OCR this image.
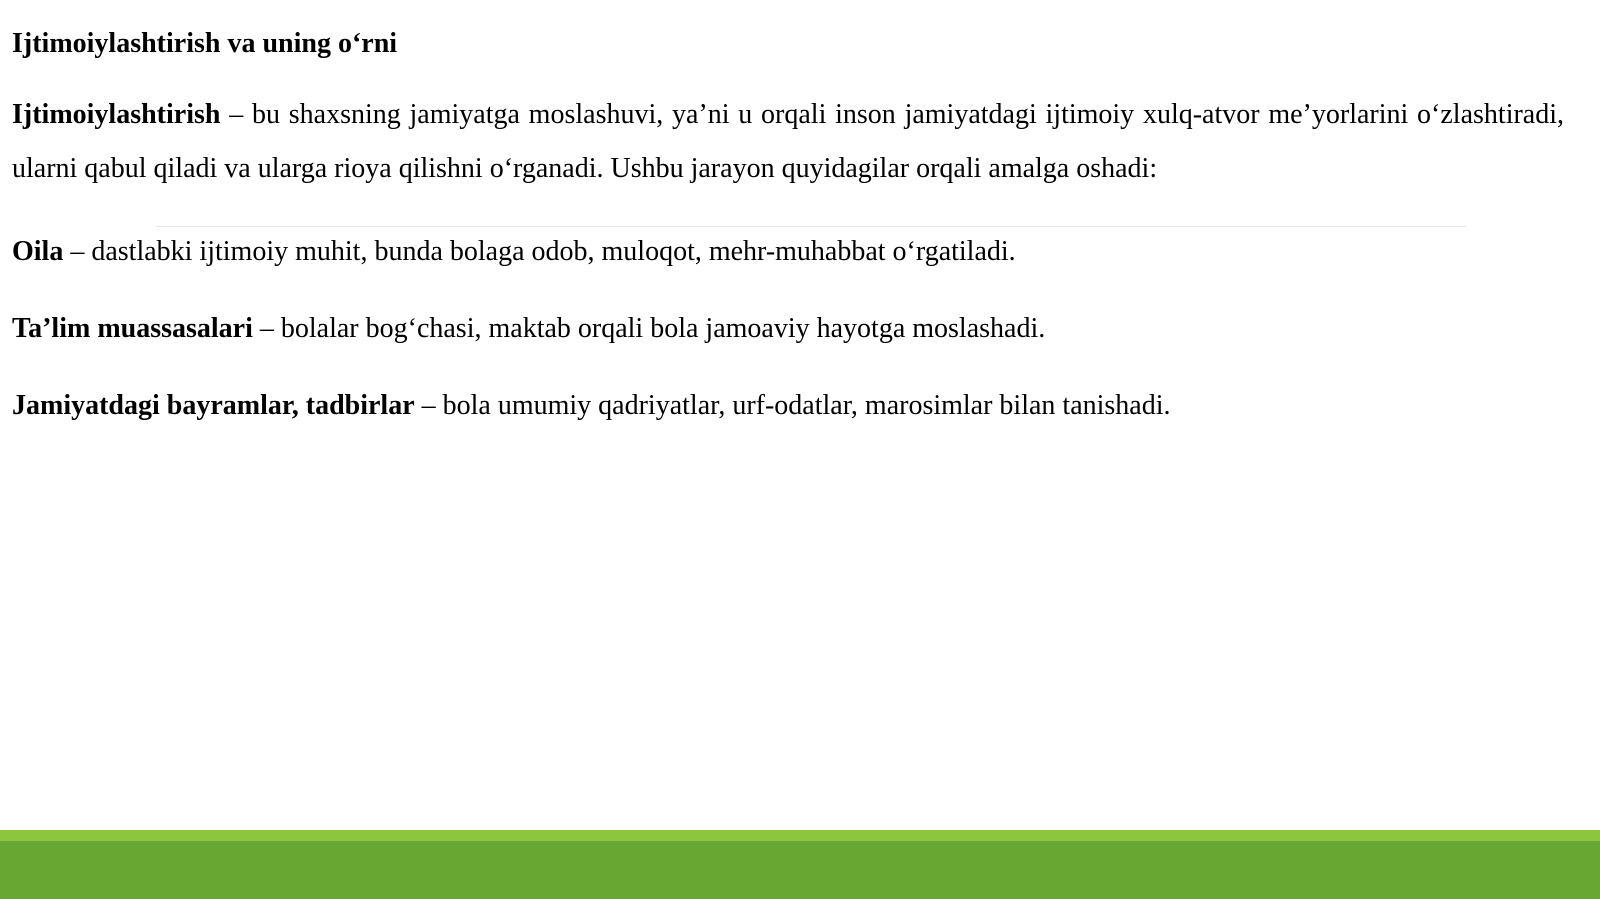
Ijtimoiylashtirish va uning o‘rni

Ijtimoiylashtirish – bu shaxsning jamiyatga moslashuvi, ya’ni u orqali inson jamiyatdagi ijtimoiy xulq-atvor me’yorlarini o‘zlashtiradi, ularni qabul qiladi va ularga rioya qilishni o‘rganadi. Ushbu jarayon quyidagilar orqali amalga oshadi:

Oila – dastlabki ijtimoiy muhit, bunda bolaga odob, muloqot, mehr-muhabbat o‘rgatiladi.

Ta’lim muassasalari – bolalar bog‘chasi, maktab orqali bola jamoaviy hayotga moslashadi.

Jamiyatdagi bayramlar, tadbirlar – bola umumiy qadriyatlar, urf-odatlar, marosimlar bilan tanishadi.
